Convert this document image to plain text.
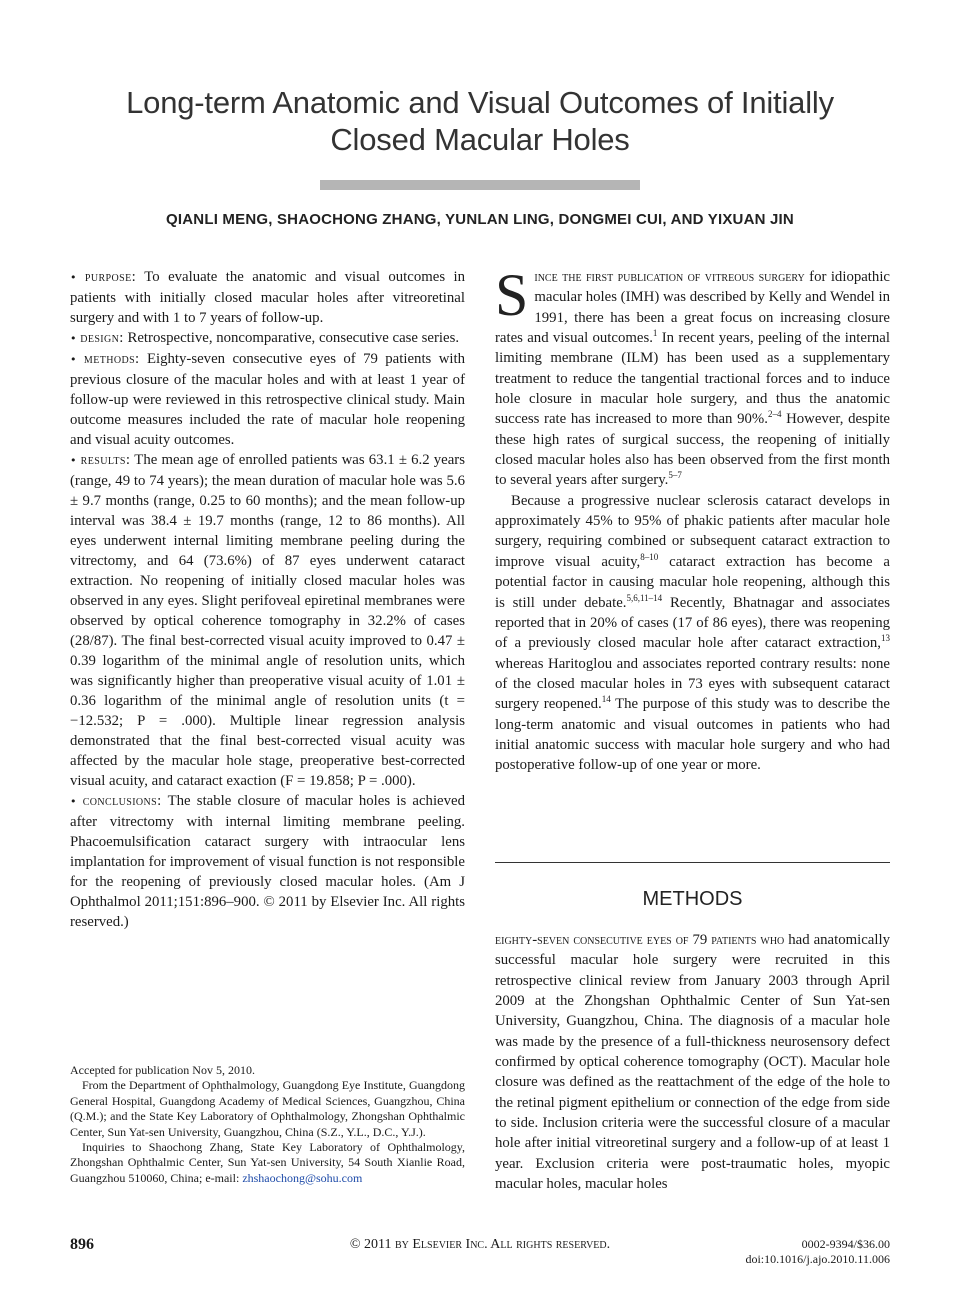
Long-term Anatomic and Visual Outcomes of Initially
Closed Macular Holes
QIANLI MENG, SHAOCHONG ZHANG, YUNLAN LING, DONGMEI CUI, AND YIXUAN JIN

• purpose: To evaluate the anatomic and visual outcomes in patients with initially closed macular holes after vitreoretinal surgery and with 1 to 7 years of follow-up.

• design: Retrospective, noncomparative, consecutive case series.

• methods: Eighty-seven consecutive eyes of 79 patients with previous closure of the macular holes and with at least 1 year of follow-up were reviewed in this retrospective clinical study. Main outcome measures included the rate of macular hole reopening and visual acuity outcomes.

• results: The mean age of enrolled patients was 63.1 ± 6.2 years (range, 49 to 74 years); the mean duration of macular hole was 5.6 ± 9.7 months (range, 0.25 to 60 months); and the mean follow-up interval was 38.4 ± 19.7 months (range, 12 to 86 months). All eyes underwent internal limiting membrane peeling during the vitrectomy, and 64 (73.6%) of 87 eyes underwent cataract extraction. No reopening of initially closed macular holes was observed in any eyes. Slight perifoveal epiretinal membranes were observed by optical coherence tomography in 32.2% of cases (28/87). The final best-corrected visual acuity improved to 0.47 ± 0.39 logarithm of the minimal angle of resolution units, which was significantly higher than preoperative visual acuity of 1.01 ± 0.36 logarithm of the minimal angle of resolution units (t = −12.532; P = .000). Multiple linear regression analysis demonstrated that the final best-corrected visual acuity was affected by the macular hole stage, preoperative best-corrected visual acuity, and cataract exaction (F = 19.858; P = .000).

• conclusions: The stable closure of macular holes is achieved after vitrectomy with internal limiting membrane peeling. Phacoemulsification cataract surgery with intraocular lens implantation for improvement of visual function is not responsible for the reopening of previously closed macular holes. (Am J Ophthalmol 2011;151:896–900. © 2011 by Elsevier Inc. All rights reserved.)

Accepted for publication Nov 5, 2010.

From the Department of Ophthalmology, Guangdong Eye Institute, Guangdong General Hospital, Guangdong Academy of Medical Sciences, Guangzhou, China (Q.M.); and the State Key Laboratory of Ophthalmology, Zhongshan Ophthalmic Center, Sun Yat-sen University, Guangzhou, China (S.Z., Y.L., D.C., Y.J.).

Inquiries to Shaochong Zhang, State Key Laboratory of Ophthalmology, Zhongshan Ophthalmic Center, Sun Yat-sen University, 54 South Xianlie Road, Guangzhou 510060, China; e-mail: zhshaochong@sohu.com

Since the first publication of vitreous surgery for idiopathic macular holes (IMH) was described by Kelly and Wendel in 1991, there has been a great focus on increasing closure rates and visual outcomes.$^1$ In recent years, peeling of the internal limiting membrane (ILM) has been used as a supplementary treatment to reduce the tangential tractional forces and to induce hole closure in macular hole surgery, and thus the anatomic success rate has increased to more than 90%.$^{2-4}$ However, despite these high rates of surgical success, the reopening of initially closed macular holes also has been observed from the first month to several years after surgery.$^{5-7}$

Because a progressive nuclear sclerosis cataract develops in approximately 45% to 95% of phakic patients after macular hole surgery, requiring combined or subsequent cataract extraction to improve visual acuity,$^{8-10}$ cataract extraction has become a potential factor in causing macular hole reopening, although this is still under debate.$^{5,6,11-14}$ Recently, Bhatnagar and associates reported that in 20% of cases (17 of 86 eyes), there was reopening of a previously closed macular hole after cataract extraction,$^{13}$ whereas Haritoglou and associates reported contrary results: none of the closed macular holes in 73 eyes with subsequent cataract surgery reopened.$^{14}$ The purpose of this study was to describe the long-term anatomic and visual outcomes in patients who had initial anatomic success with macular hole surgery and who had postoperative follow-up of one year or more.

METHODS

eighty-seven consecutive eyes of 79 patients who had anatomically successful macular hole surgery were recruited in this retrospective clinical review from January 2003 through April 2009 at the Zhongshan Ophthalmic Center of Sun Yat-sen University, Guangzhou, China. The diagnosis of a macular hole was made by the presence of a full-thickness neurosensory defect confirmed by optical coherence tomography (OCT). Macular hole closure was defined as the reattachment of the edge of the hole to the retinal pigment epithelium or connection of the edge from side to side. Inclusion criteria were the successful closure of a macular hole after initial vitreoretinal surgery and a follow-up of at least 1 year. Exclusion criteria were post-traumatic holes, myopic macular holes, macular holes

896	© 2011 by Elsevier Inc. All rights reserved.	0002-9394/$36.00
doi:10.1016/j.ajo.2010.11.006
